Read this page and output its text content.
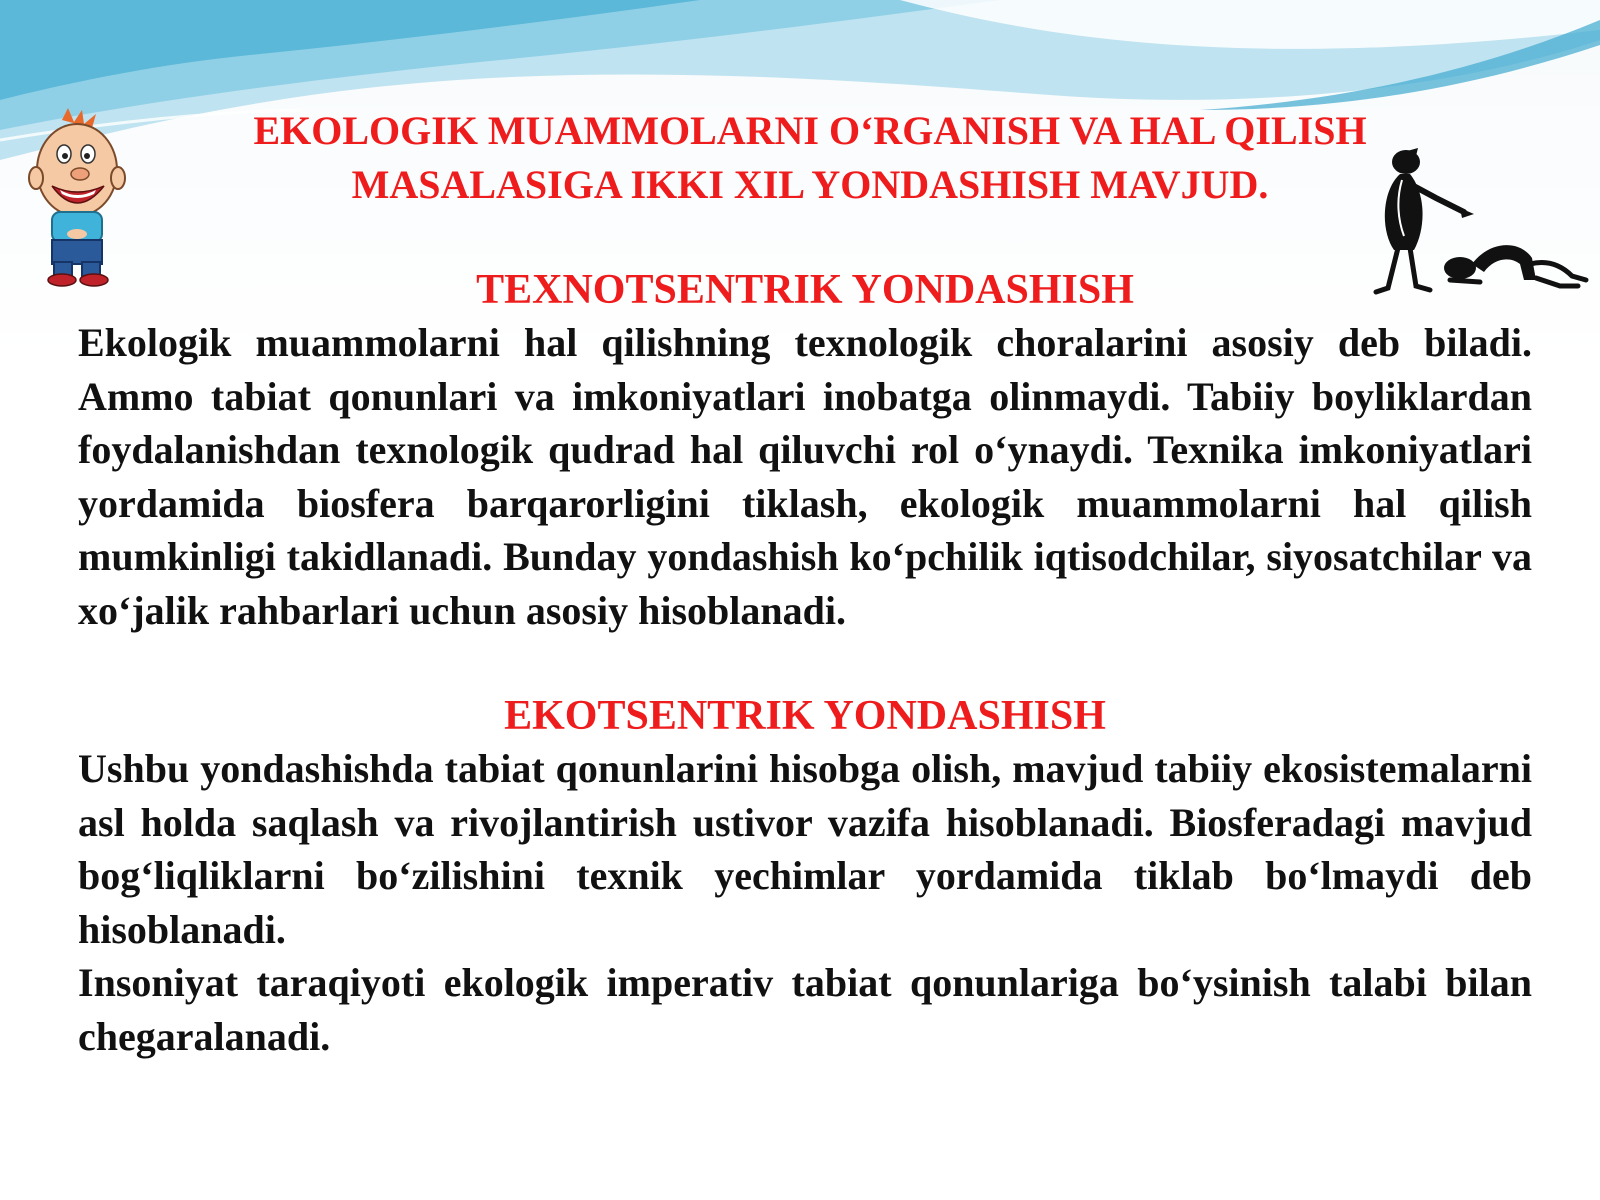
EKOLOGIK MUAMMOLARNI O‘RGANISH VA HAL QILISH MASALASIGA IKKI XIL YONDASHISH MAVJUD.
TEXNOTSENTRIK YONDASHISH

Ekologik muammolarni hal qilishning texnologik choralarini asosiy deb biladi. Ammo tabiat qonunlari va imkoniyatlari inobatga olinmaydi. Tabiiy boyliklardan foydalanishdan texnologik qudrad hal qiluvchi rol o‘ynaydi. Texnika imkoniyatlari yordamida biosfera barqarorligini tiklash, ekologik muammolarni hal qilish mumkinligi takidlanadi. Bunday yondashish ko‘pchilik iqtisodchilar, siyosatchilar va xo‘jalik rahbarlari uchun asosiy hisoblanadi.

EKOTSENTRIK YONDASHISH

Ushbu yondashishda tabiat qonunlarini hisobga olish, mavjud tabiiy ekosistemalarni asl holda saqlash va rivojlantirish ustivor vazifa hisoblanadi. Biosferadagi mavjud bog‘liqliklarni bo‘zilishini texnik yechimlar yordamida tiklab bo‘lmaydi deb hisoblanadi.

Insoniyat taraqiyoti ekologik imperativ tabiat qonunlariga bo‘ysinish talabi bilan chegaralanadi.
